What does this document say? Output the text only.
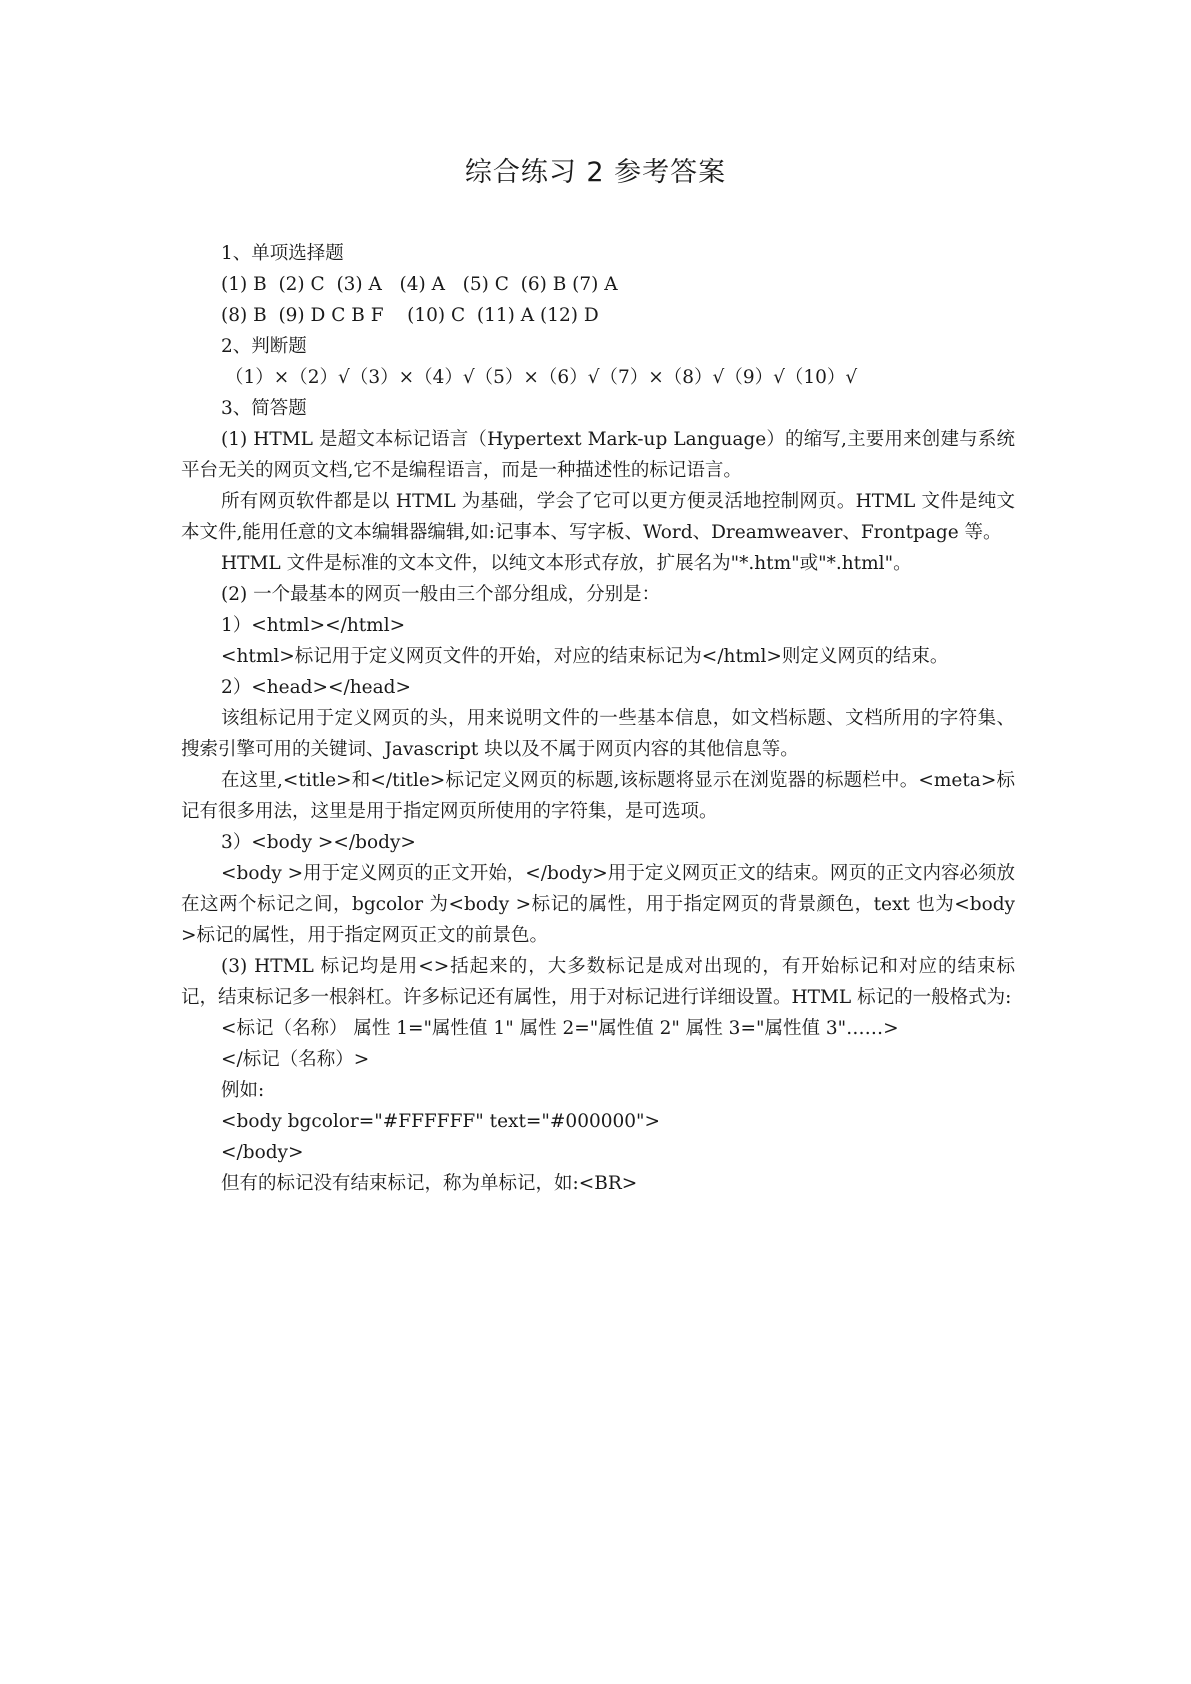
综合练习 2 参考答案

1、单项选择题

(1) B  (2) C  (3) A   (4) A   (5) C  (6) B (7) A

(8) B  (9) D C B F    (10) C  (11) A (12) D

2、判断题

（1）×（2）√（3）×（4）√（5）×（6）√（7）×（8）√（9）√（10）√

3、简答题

(1) HTML 是超文本标记语言（Hypertext Mark-up Language）的缩写,主要用来创建与系统平台无关的网页文档,它不是编程语言，而是一种描述性的标记语言。

所有网页软件都是以 HTML 为基础，学会了它可以更方便灵活地控制网页。HTML 文件是纯文本文件,能用任意的文本编辑器编辑,如:记事本、写字板、Word、Dreamweaver、Frontpage 等。

HTML 文件是标准的文本文件，以纯文本形式存放，扩展名为"*.htm"或"*.html"。

(2) 一个最基本的网页一般由三个部分组成，分别是：

1）<html></html>

<html>标记用于定义网页文件的开始，对应的结束标记为</html>则定义网页的结束。

2）<head></head>

该组标记用于定义网页的头，用来说明文件的一些基本信息，如文档标题、文档所用的字符集、搜索引擎可用的关键词、Javascript 块以及不属于网页内容的其他信息等。

在这里,<title>和</title>标记定义网页的标题,该标题将显示在浏览器的标题栏中。<meta>标记有很多用法，这里是用于指定网页所使用的字符集，是可选项。

3）<body ></body>

<body >用于定义网页的正文开始，</body>用于定义网页正文的结束。网页的正文内容必须放在这两个标记之间，bgcolor 为<body >标记的属性，用于指定网页的背景颜色，text 也为<body >标记的属性，用于指定网页正文的前景色。

(3) HTML 标记均是用<>括起来的，大多数标记是成对出现的，有开始标记和对应的结束标记，结束标记多一根斜杠。许多标记还有属性，用于对标记进行详细设置。HTML 标记的一般格式为:

<标记（名称） 属性 1="属性值 1" 属性 2="属性值 2" 属性 3="属性值 3"……>

</标记（名称）>

例如:

<body bgcolor="#FFFFFF" text="#000000">

</body>

但有的标记没有结束标记，称为单标记，如:<BR>
